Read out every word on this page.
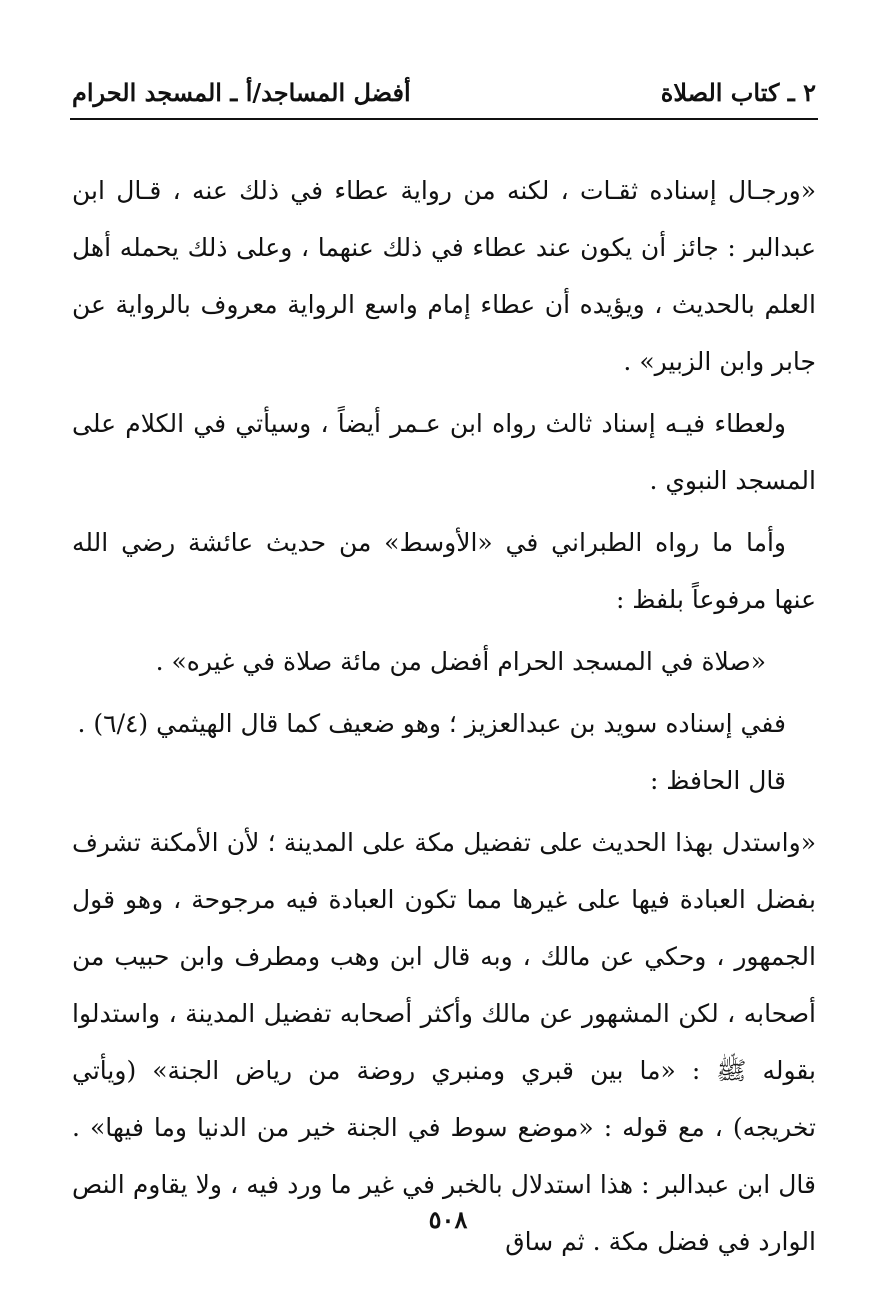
٢ ـ كتاب الصلاة
أفضل المساجد/أ ـ المسجد الحرام

«ورجـال إسناده ثقـات ، لكنه من رواية عطاء في ذلك عنه ، قـال ابن عبدالبر : جائز أن يكون عند عطاء في ذلك عنهما ، وعلى ذلك يحمله أهل العلم بالحديث ، ويؤيده أن عطاء إمام واسع الرواية معروف بالرواية عن جابر وابن الزبير» .

ولعطاء فيـه إسناد ثالث رواه ابن عـمر أيضاً ، وسيأتي في الكلام على المسجد النبوي .

وأما ما رواه الطبراني في «الأوسط» من حديث عائشة رضي الله عنها مرفوعاً بلفظ :

«صلاة في المسجد الحرام أفضل من مائة صلاة في غيره» .

ففي إسناده سويد بن عبدالعزيز ؛ وهو ضعيف كما قال الهيثمي (٦/٤) .

قال الحافظ :

«واستدل بهذا الحديث على تفضيل مكة على المدينة ؛ لأن الأمكنة تشرف بفضل العبادة فيها على غيرها مما تكون العبادة فيه مرجوحة ، وهو قول الجمهور ، وحكي عن مالك ، وبه قال ابن وهب ومطرف وابن حبيب من أصحابه ، لكن المشهور عن مالك وأكثر أصحابه تفضيل المدينة ، واستدلوا بقوله ﷺ : «ما بين قبري ومنبري روضة من رياض الجنة» (ويأتي تخريجه) ، مع قوله : «موضع سوط في الجنة خير من الدنيا وما فيها» . قال ابن عبدالبر : هذا استدلال بالخبر في غير ما ورد فيه ، ولا يقاوم النص الوارد في فضل مكة . ثم ساق

٥٠٨
